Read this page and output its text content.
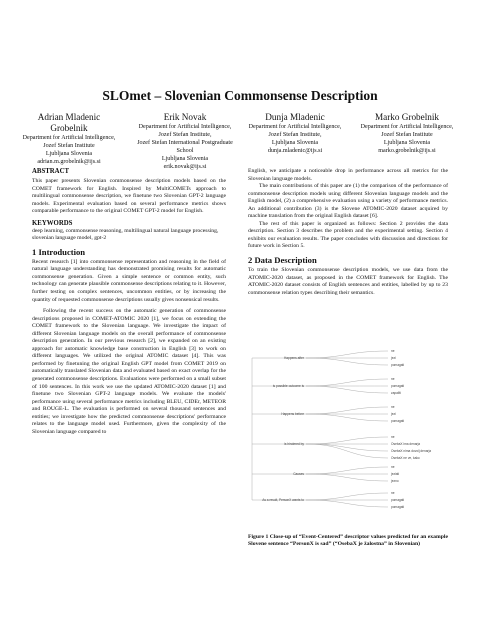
SLOmet – Slovenian Commonsense Description
Adrian Mladenic Grobelnik
Department for Artificial Intelligence,
Jozef Stefan Institute
Ljubljana Slovenia
adrian.m.grobelnik@ijs.si
Erik Novak
Department for Artificial Intelligence,
Jozef Stefan Institute,
Jozef Stefan International Postgraduate School
Ljubljana Slovenia
erik.novak@ijs.si
Dunja Mladenic
Department for Artificial Intelligence,
Jozef Stefan Institute,
Ljubljana Slovenia
dunja.mladenic@ijs.si
Marko Grobelnik
Department for Artificial Intelligence,
Jozef Stefan Institute
Ljubljana Slovenia
marko.grobelnik@ijs.si
ABSTRACT

This paper presents Slovenian commonsense description models based on the COMET framework for English. Inspired by MultiCOMETs approach to multilingual commonsense description, we finetune two Slovenian GPT-2 language models. Experimental evaluation based on several performance metrics shows comparable performance to the original COMET GPT-2 model for English.

KEYWORDS

deep learning, commonsense reasoning, multilingual natural language processing, slovenian language model, gpt-2

1 Introduction

Recent research [1] into commonsense representation and reasoning in the field of natural language understanding has demonstrated promising results for automatic commonsense generation. Given a simple sentence or common entity, such technology can generate plausible commonsense descriptions relating to it. However, further testing on complex sentences, uncommon entities, or by increasing the quantity of requested commonsense descriptions usually gives nonsensical results.

Following the recent success on the automatic generation of commonsense descriptions proposed in COMET-ATOMIC 2020 [1], we focus on extending the COMET framework to the Slovenian language. We investigate the impact of different Slovenian language models on the overall performance of commonsense description generation. In our previous research [2], we expanded on an existing approach for automatic knowledge base construction in English [3] to work on different languages. We utilized the original ATOMIC dataset [4]. This was performed by finetuning the original English GPT model from COMET 2019 on automatically translated Slovenian data and evaluated based on exact overlap for the generated commonsense descriptions. Evaluations were performed on a small subset of 100 sentences. In this work we use the updated ATOMIC-2020 dataset [1] and finetune two Slovenian GPT-2 language models. We evaluate the models' performance using several performance metrics including BLEU, CIDEr, METEOR and ROUGE-L. The evaluation is performed on several thousand sentences and entities; we investigate how the predicted commonsense descriptions' performance relates to the language model used. Furthermore, given the complexity of the Slovenian language compared to

English, we anticipate a noticeable drop in performance across all metrics for the Slovenian language models.

The main contributions of this paper are (1) the comparison of the performance of commonsense description models using different Slovenian language models and the English model, (2) a comprehensive evaluation using a variety of performance metrics. An additional contribution (3) is the Slovene ATOMIC-2020 dataset acquired by machine translation from the original English dataset [6].

The rest of this paper is organized as follows: Section 2 provides the data description. Section 3 describes the problem and the experimental setting. Section 4 exhibits our evaluation results. The paper concludes with discussion and directions for future work in Section 5.

2 Data Description

To train the Slovenian commonsense description models, we use data from the ATOMIC-2020 dataset, as proposed in the COMET framework for English. The ATOMIC-2020 dataset consists of English sentences and entities, labelled by up to 23 commonsense relation types describing their semantics.

Happens after
ne
jezi
pomagati
is possible outcome is
ne
pomagati
zapaliti
Happens before
ne
jezi
pomagati
is hindered by
ne
OsebaX ima denarja
OsebaX nima dovolj denarja
OsebaX ne ve, kako
Causes
ne
jeziati
jezno
As a result, PersonX wants to
ne
pomagati
pomagati
Figure 1 Close-up of “Event-Centered” descriptor values predicted for an example Slovene sentence “PersonX is sad” (“OsebaX je žalostna” in Slovenian)
